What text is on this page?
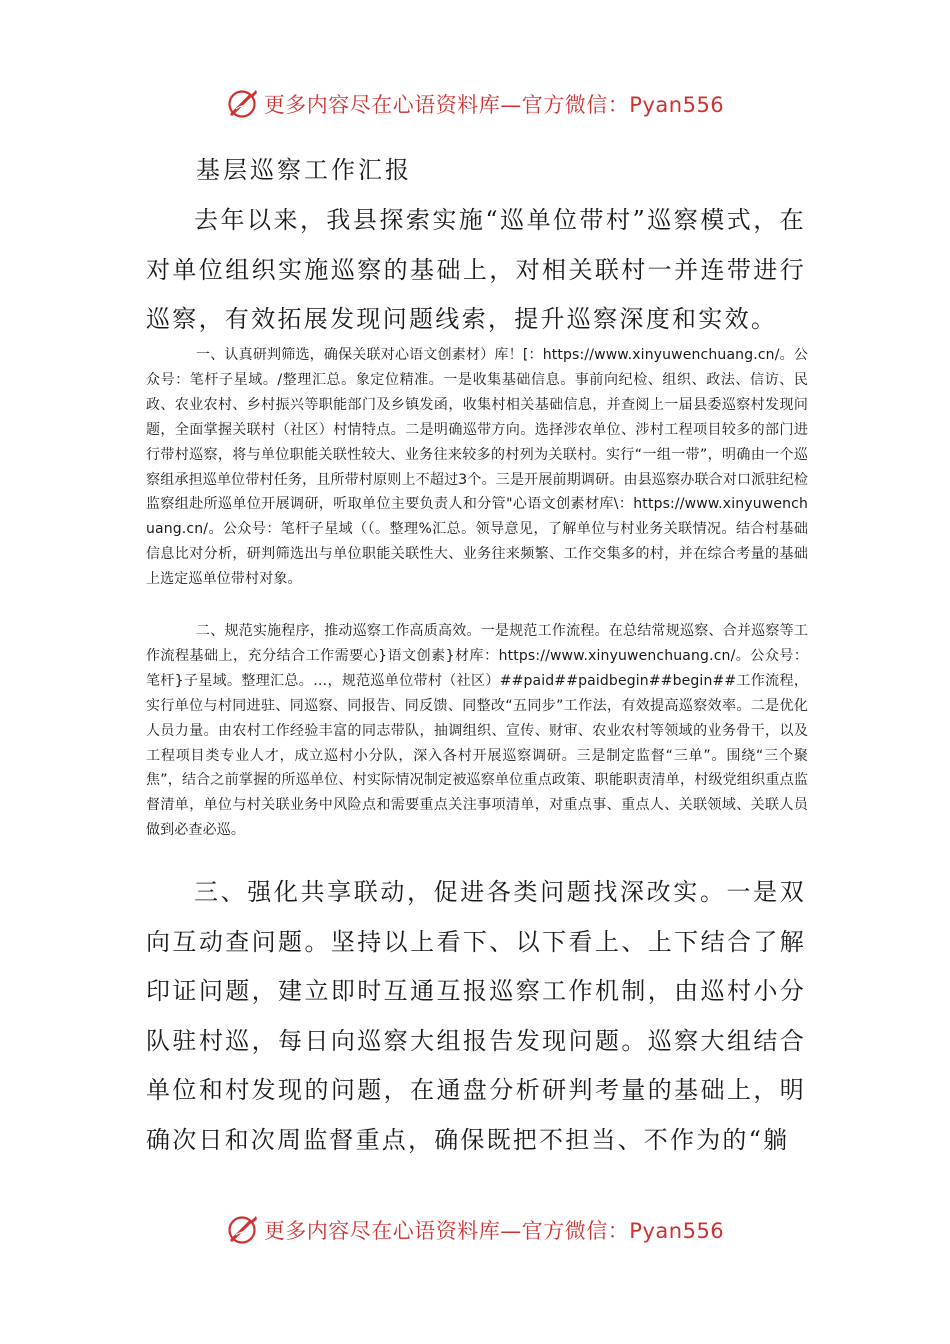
更多内容尽在心语资料库—官方微信：Pyan556
基层巡察工作汇报

去年以来，我县探索实施“巡单位带村”巡察模式，在对单位组织实施巡察的基础上，对相关联村一并连带进行巡察，有效拓展发现问题线索，提升巡察深度和实效。

一、认真研判筛选，确保关联对心语文创素材）库！[：https://www.xinyuwenchuang.cn/。公众号：笔杆子星域。/整理汇总。象定位精准。一是收集基础信息。事前向纪检、组织、政法、信访、民政、农业农村、乡村振兴等职能部门及乡镇发函，收集村相关基础信息，并查阅上一届县委巡察村发现问题，全面掌握关联村（社区）村情特点。二是明确巡带方向。选择涉农单位、涉村工程项目较多的部门进行带村巡察，将与单位职能关联性较大、业务往来较多的村列为关联村。实行“一组一带”，明确由一个巡察组承担巡单位带村任务，且所带村原则上不超过3个。三是开展前期调研。由县巡察办联合对口派驻纪检监察组赴所巡单位开展调研，听取单位主要负责人和分管"心语文创素材库\：https://www.xinyuwenchuang.cn/。公众号：笔杆子星域（（。整理%汇总。领导意见，了解单位与村业务关联情况。结合村基础信息比对分析，研判筛选出与单位职能关联性大、业务往来频繁、工作交集多的村，并在综合考量的基础上选定巡单位带村对象。

二、规范实施程序，推动巡察工作高质高效。一是规范工作流程。在总结常规巡察、合并巡察等工作流程基础上，充分结合工作需要心}语文创素}材库：https://www.xinyuwenchuang.cn/。公众号：笔杆}子星域。整理汇总。…，规范巡单位带村（社区）##paid##paidbegin##begin##工作流程，实行单位与村同进驻、同巡察、同报告、同反馈、同整改“五同步”工作法，有效提高巡察效率。二是优化人员力量。由农村工作经验丰富的同志带队，抽调组织、宣传、财审、农业农村等领域的业务骨干，以及工程项目类专业人才，成立巡村小分队，深入各村开展巡察调研。三是制定监督“三单”。围绕“三个聚焦”，结合之前掌握的所巡单位、村实际情况制定被巡察单位重点政策、职能职责清单，村级党组织重点监督清单，单位与村关联业务中风险点和需要重点关注事项清单，对重点事、重点人、关联领域、关联人员做到必查必巡。

三、强化共享联动，促进各类问题找深改实。一是双向互动查问题。坚持以上看下、以下看上、上下结合了解印证问题，建立即时互通互报巡察工作机制，由巡村小分队驻村巡，每日向巡察大组报告发现问题。巡察大组结合单位和村发现的问题，在通盘分析研判考量的基础上，明确次日和次周监督重点，确保既把不担当、不作为的“躺

更多内容尽在心语资料库—官方微信：Pyan556
